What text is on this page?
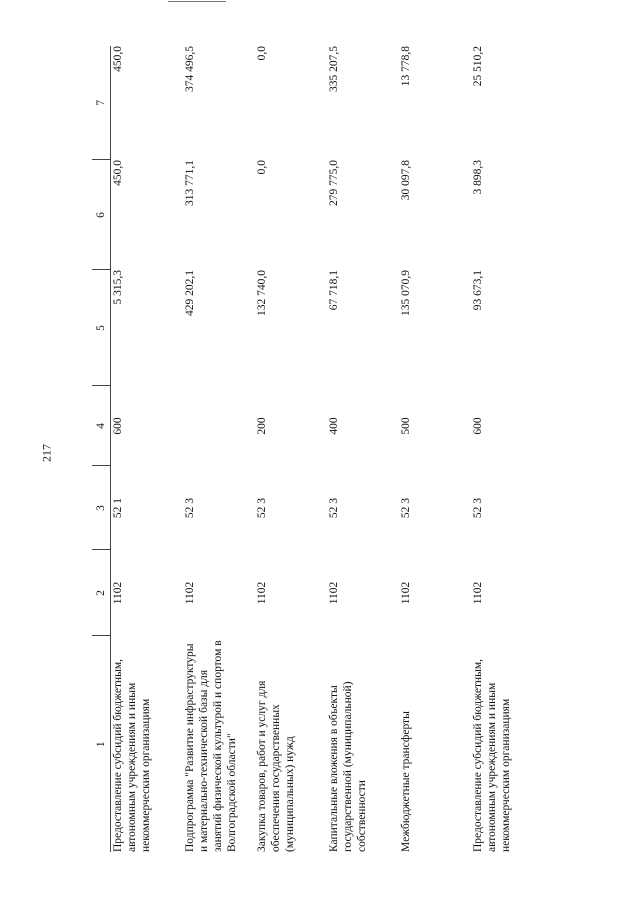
217
1	2	3	4	5	6	7
Предоставление субсидий бюджетным, автономным учреждениям и иным некоммерческим организациям	1102	52 1	600	5 315,3	450,0	450,0
Подпрограмма "Развитие инфраструктуры и материально-технической базы для занятий физической культурой и спортом в Волгоградской области"	1102	52 3		429 202,1	313 771,1	374 496,5
Закупка товаров, работ и услуг для обеспечения государственных (муниципальных) нужд	1102	52 3	200	132 740,0	0,0	0,0
Капитальные вложения в объекты государственной (муниципальной) собственности	1102	52 3	400	67 718,1	279 775,0	335 207,5
Межбюджетные трансферты	1102	52 3	500	135 070,9	30 097,8	13 778,8
Предоставление субсидий бюджетным, автономным учреждениям и иным некоммерческим организациям	1102	52 3	600	93 673,1	3 898,3	25 510,2
